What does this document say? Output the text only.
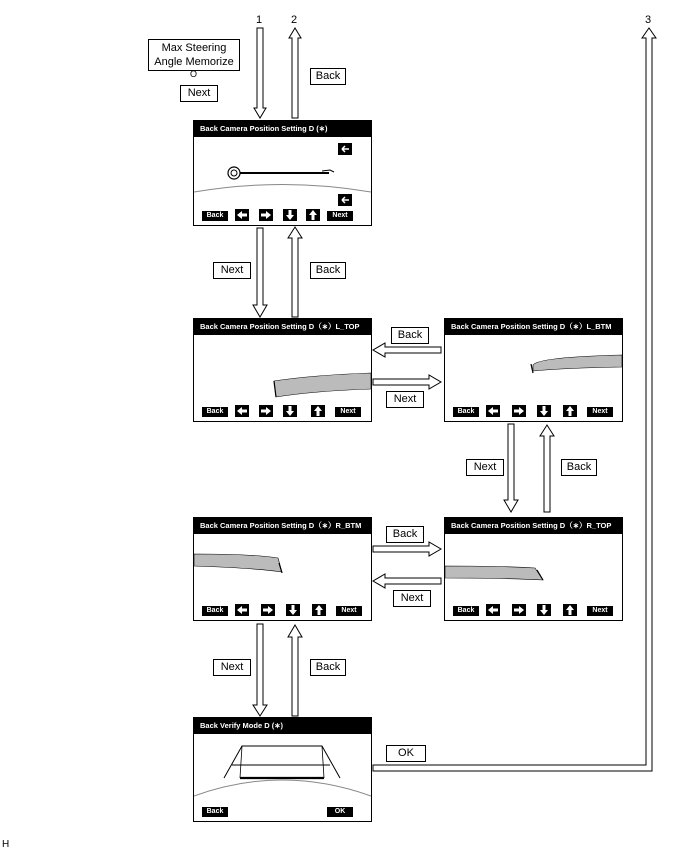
1	2	3
Max Steering Angle Memorize
O
Next
Back
Back Camera Position Setting D (∗)
Back	Next
Next	Back
Back Camera Position Setting D（∗）L_TOP
Back	Next
Back Camera Position Setting D（∗）L_BTM
Back	Next
Back
Next
Next	Back
Back Camera Position Setting D（∗）R_BTM
Back	Next
Back Camera Position Setting D（∗）R_TOP
Back	Next
Back
Next
Next	Back
Back Verify Mode D (∗)
Back	OK
OK
H
